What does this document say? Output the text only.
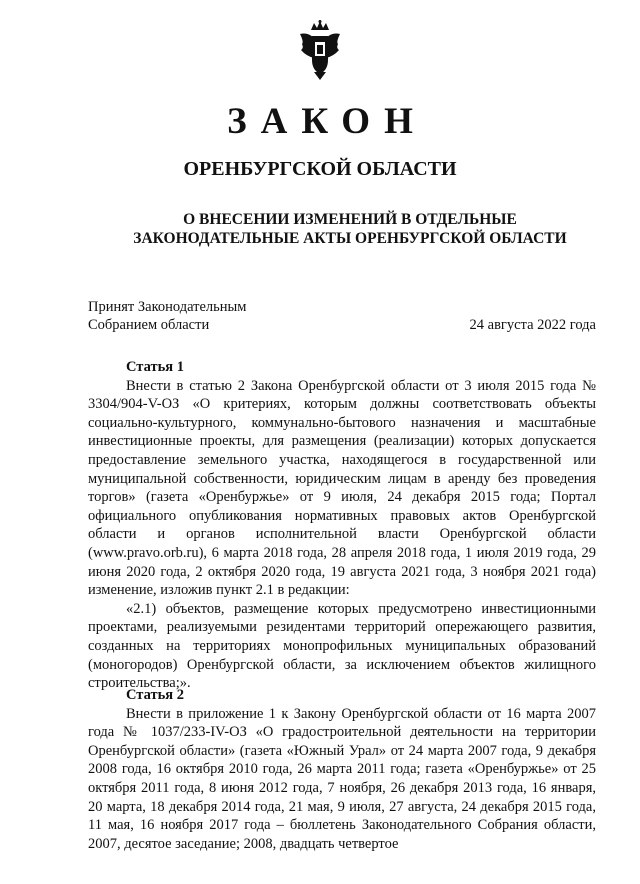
ЗАКОН
ОРЕНБУРГСКОЙ ОБЛАСТИ
О ВНЕСЕНИИ ИЗМЕНЕНИЙ В ОТДЕЛЬНЫЕ ЗАКОНОДАТЕЛЬНЫЕ АКТЫ ОРЕНБУРГСКОЙ ОБЛАСТИ
Принят Законодательным
Собранием области	24 августа 2022 года
Статья 1

Внести в статью 2 Закона Оренбургской области от 3 июля 2015 года № 3304/904-V-ОЗ «О критериях, которым должны соответствовать объекты социально-культурного, коммунально-бытового назначения и масштабные инвестиционные проекты, для размещения (реализации) которых допускается предоставление земельного участка, находящегося в государственной или муниципальной собственности, юридическим лицам в аренду без проведения торгов» (газета «Оренбуржье» от 9 июля, 24 декабря 2015 года; Портал официального опубликования нормативных правовых актов Оренбургской области и органов исполнительной власти Оренбургской области (www.pravo.orb.ru), 6 марта 2018 года, 28 апреля 2018 года, 1 июля 2019 года, 29 июня 2020 года, 2 октября 2020 года, 19 августа 2021 года, 3 ноября 2021 года) изменение, изложив пункт 2.1 в редакции:

«2.1) объектов, размещение которых предусмотрено инвестиционными проектами, реализуемыми резидентами территорий опережающего развития, созданных на территориях монопрофильных муниципальных образований (моногородов) Оренбургской области, за исключением объектов жилищного строительства;».

Статья 2

Внести в приложение 1 к Закону Оренбургской области от 16 марта 2007 года № 1037/233-IV-ОЗ «О градостроительной деятельности на территории Оренбургской области» (газета «Южный Урал» от 24 марта 2007 года, 9 декабря 2008 года, 16 октября 2010 года, 26 марта 2011 года; газета «Оренбуржье» от 25 октября 2011 года, 8 июня 2012 года, 7 ноября, 26 декабря 2013 года, 16 января, 20 марта, 18 декабря 2014 года, 21 мая, 9 июля, 27 августа, 24 декабря 2015 года, 11 мая, 16 ноября 2017 года – бюллетень Законодательного Собрания области, 2007, десятое заседание; 2008, двадцать четвертое
